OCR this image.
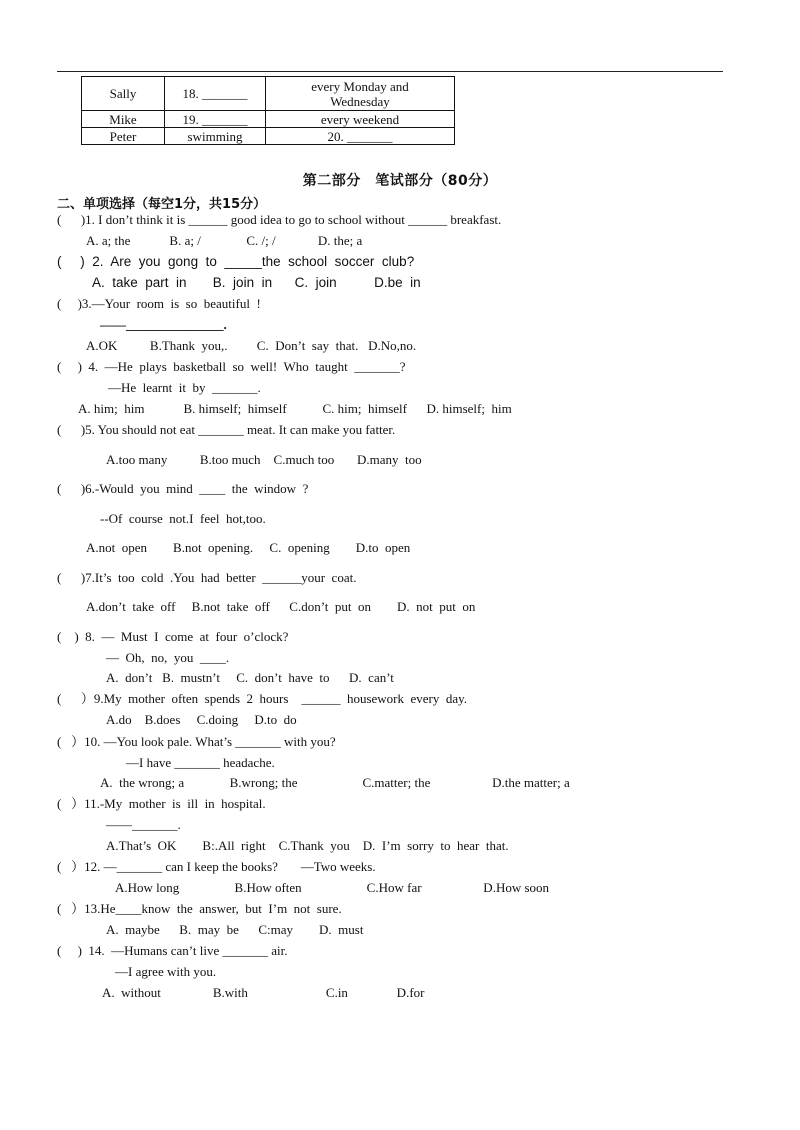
Sally	18. _______	every Monday and
Wednesday
Mike	19. _______	every weekend
Peter	swimming	20. _______
第二部分　笔试部分（80分）
二、单项选择（每空1分，共15分）
(      )1. I don’t think it is ______ good idea to go to school without ______ breakfast.
A. a; the            B. a; /              C. /; /             D. the; a
(     )  2.  Are  you  gong  to  _____the  school  soccer  club?
A.  take  part  in       B.  join  in      C.  join          D.be  in
(     )3.—Your  room  is  so  beautiful  !
——_______________.
A.OK          B.Thank  you,.         C.  Don’t  say  that.   D.No,no.
(     )  4.  —He  plays  basketball  so  well!  Who  taught  _______?
—He  learnt  it  by  _______.
A. him;  him            B. himself;  himself           C. him;  himself      D. himself;  him
(      )5. You should not eat _______ meat. It can make you fatter.
A.too many          B.too much    C.much too       D.many  too
(      )6.-Would  you  mind  ____  the  window  ?
--Of  course  not.I  feel  hot,too.
A.not  open        B.not  opening.     C.  opening        D.to  open
(      )7.It’s  too  cold  .You  had  better  ______your  coat.
A.don’t  take  off     B.not  take  off      C.don’t  put  on        D.  not  put  on
(    )  8.  —  Must  I  come  at  four  o’clock?
—  Oh,  no,  you  ____.
A.  don’t   B.  mustn’t     C.  don’t  have  to      D.  can’t
(      ）9.My  mother  often  spends  2  hours    ______  housework  every  day.
A.do    B.does     C.doing     D.to  do
(   ）10. —You look pale. What’s _______ with you?
—I have _______ headache.
A.  the wrong; a              B.wrong; the                    C.matter; the                   D.the matter; a
(   ）11.-My  mother  is  ill  in  hospital.
——_______.
A.That’s  OK        B:.All  right    C.Thank  you    D.  I’m  sorry  to  hear  that.
(   ）12. —_______ can I keep the books?       —Two weeks.
A.How long                 B.How often                    C.How far                   D.How soon
(   ）13.He____know  the  answer,  but  I’m  not  sure.
A.  maybe      B.  may  be      C:may        D.  must
(     )  14.  —Humans can’t live _______ air.
—I agree with you.
A.  without                B.with                        C.in               D.for
